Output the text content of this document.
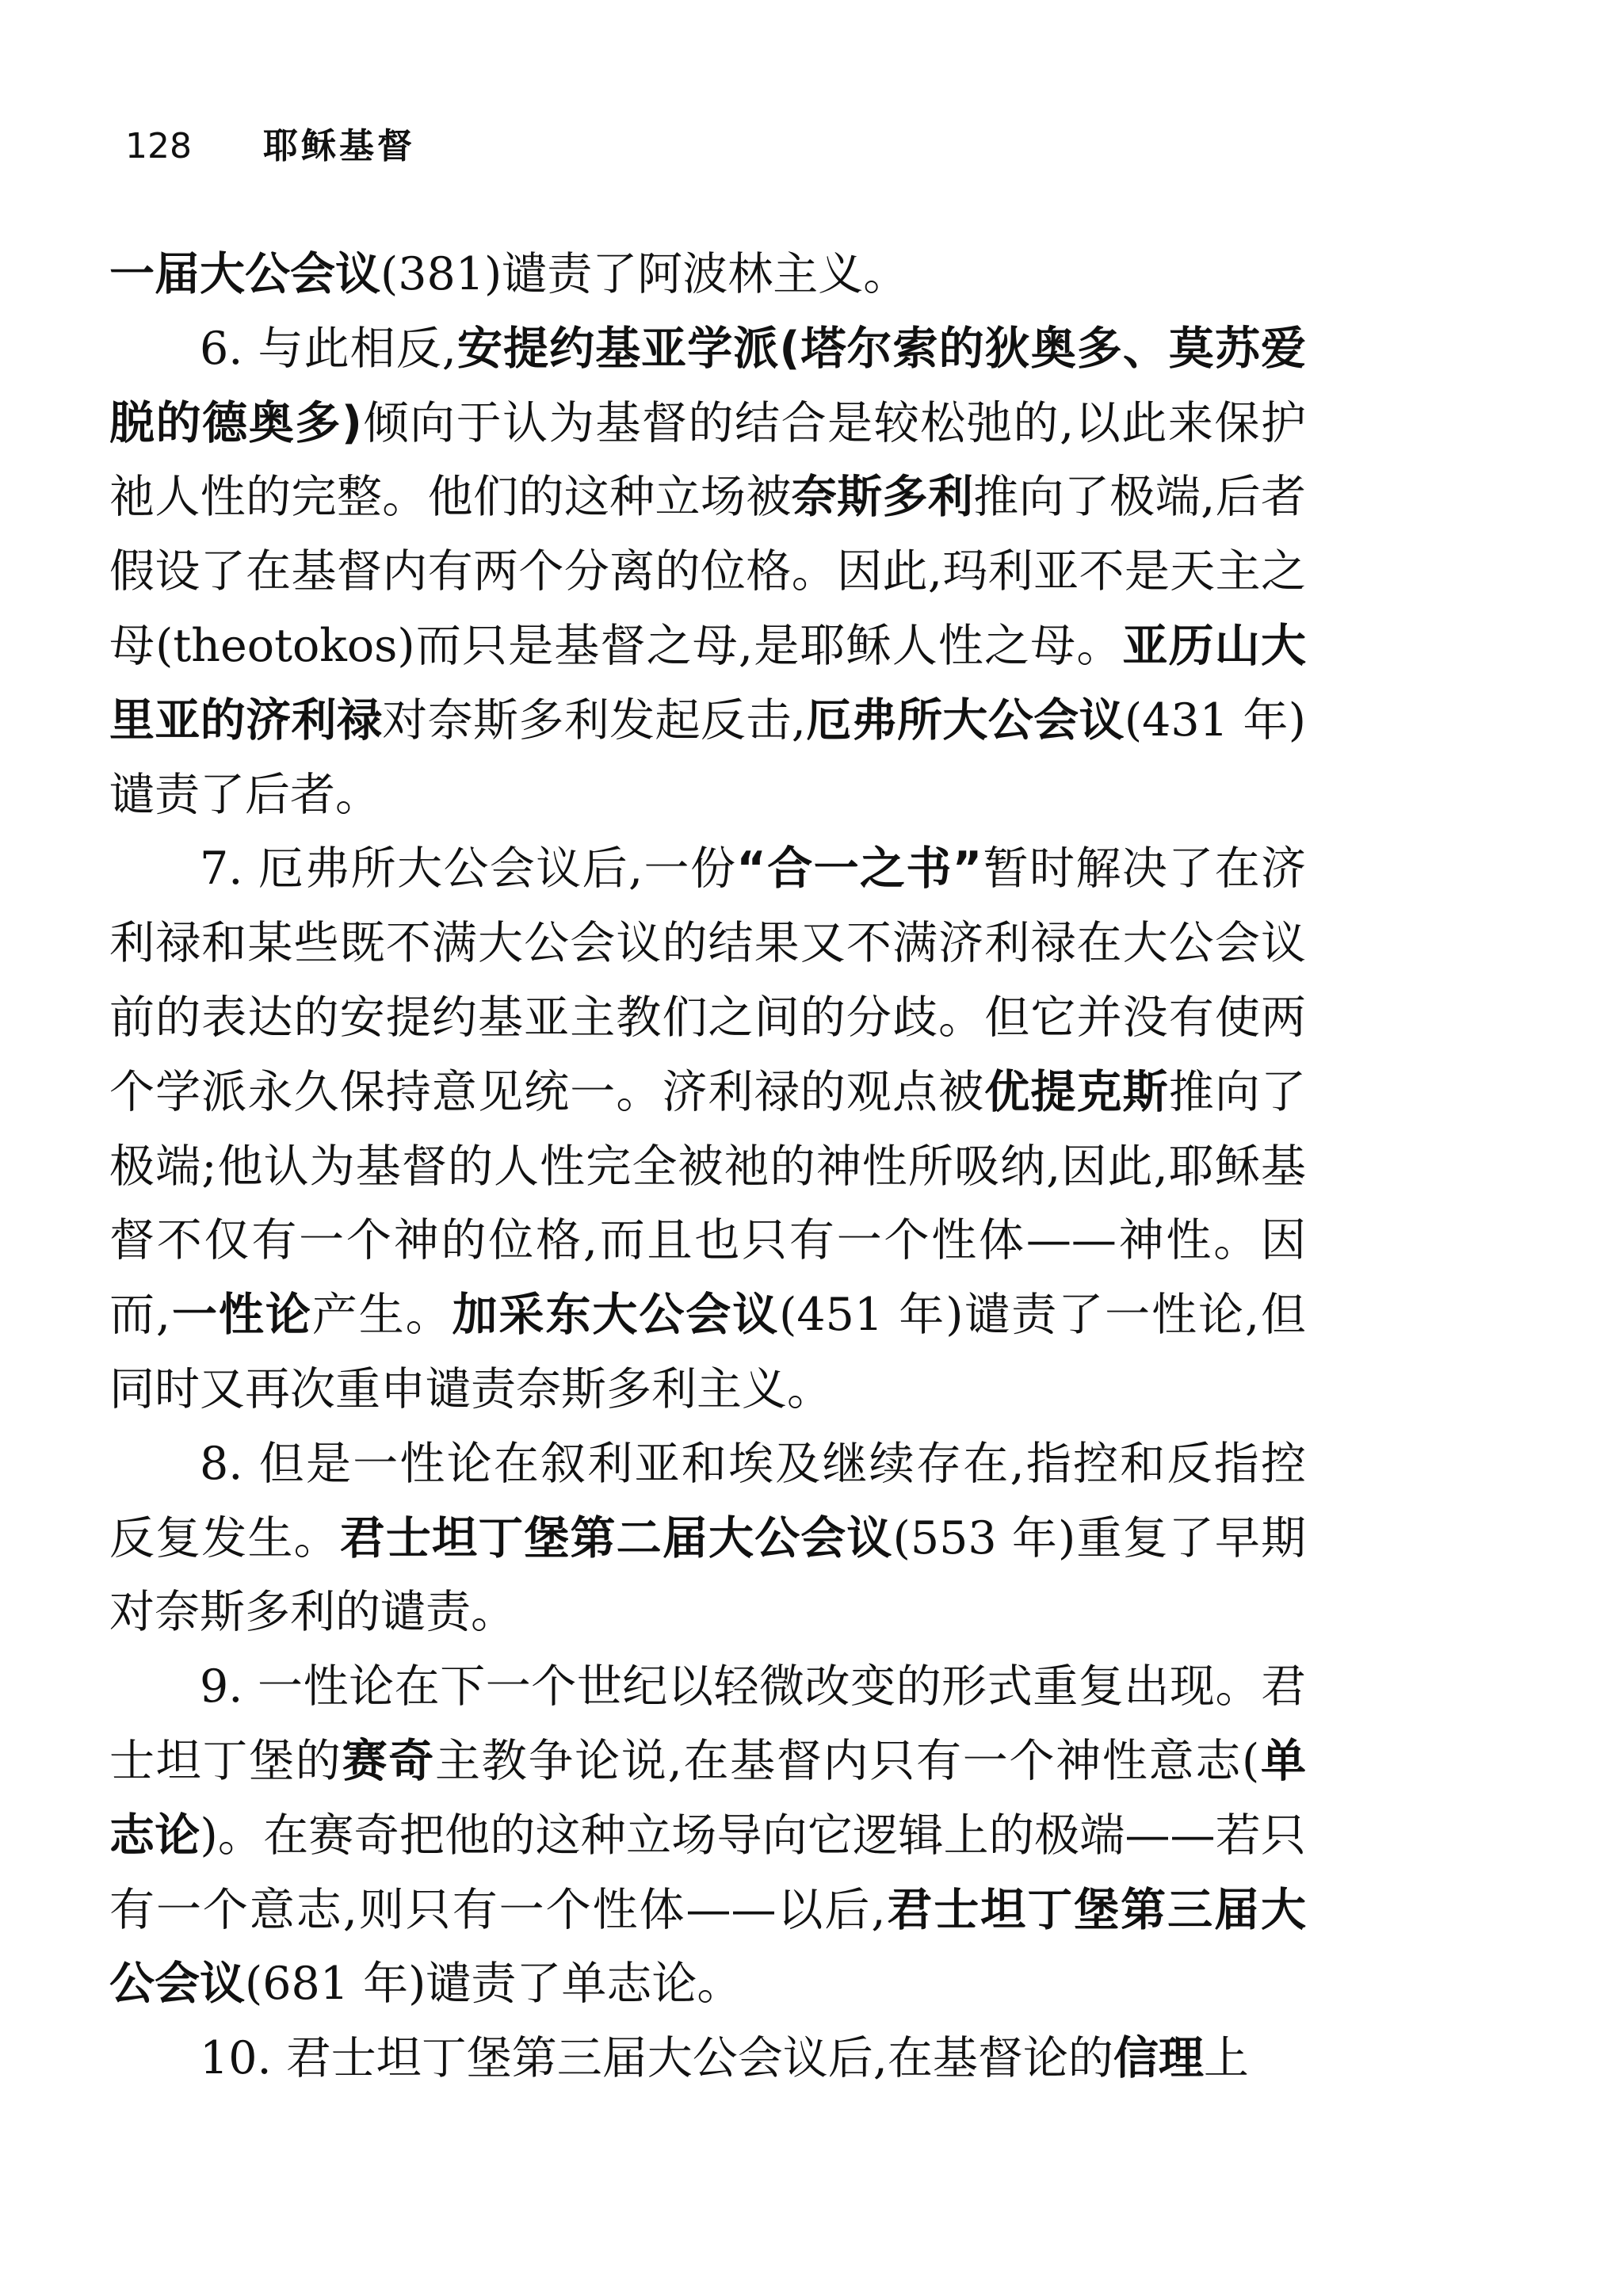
128 耶稣基督

一届大公会议(381)谴责了阿波林主义。

6. 与此相反,安提约基亚学派(塔尔索的狄奥多、莫苏爱脱的德奥多)倾向于认为基督的结合是较松弛的,以此来保护祂人性的完整。他们的这种立场被奈斯多利推向了极端,后者假设了在基督内有两个分离的位格。因此,玛利亚不是天主之母(theotokos)而只是基督之母,是耶稣人性之母。亚历山大里亚的济利禄对奈斯多利发起反击,厄弗所大公会议(431 年)谴责了后者。

7. 厄弗所大公会议后,一份“合一之书”暂时解决了在济利禄和某些既不满大公会议的结果又不满济利禄在大公会议前的表达的安提约基亚主教们之间的分歧。但它并没有使两个学派永久保持意见统一。济利禄的观点被优提克斯推向了极端;他认为基督的人性完全被祂的神性所吸纳,因此,耶稣基督不仅有一个神的位格,而且也只有一个性体——神性。因而,一性论产生。加采东大公会议(451 年)谴责了一性论,但同时又再次重申谴责奈斯多利主义。

8. 但是一性论在叙利亚和埃及继续存在,指控和反指控反复发生。君士坦丁堡第二届大公会议(553 年)重复了早期对奈斯多利的谴责。

9. 一性论在下一个世纪以轻微改变的形式重复出现。君士坦丁堡的赛奇主教争论说,在基督内只有一个神性意志(单志论)。在赛奇把他的这种立场导向它逻辑上的极端——若只有一个意志,则只有一个性体——以后,君士坦丁堡第三届大公会议(681 年)谴责了单志论。

10. 君士坦丁堡第三届大公会议后,在基督论的信理上
